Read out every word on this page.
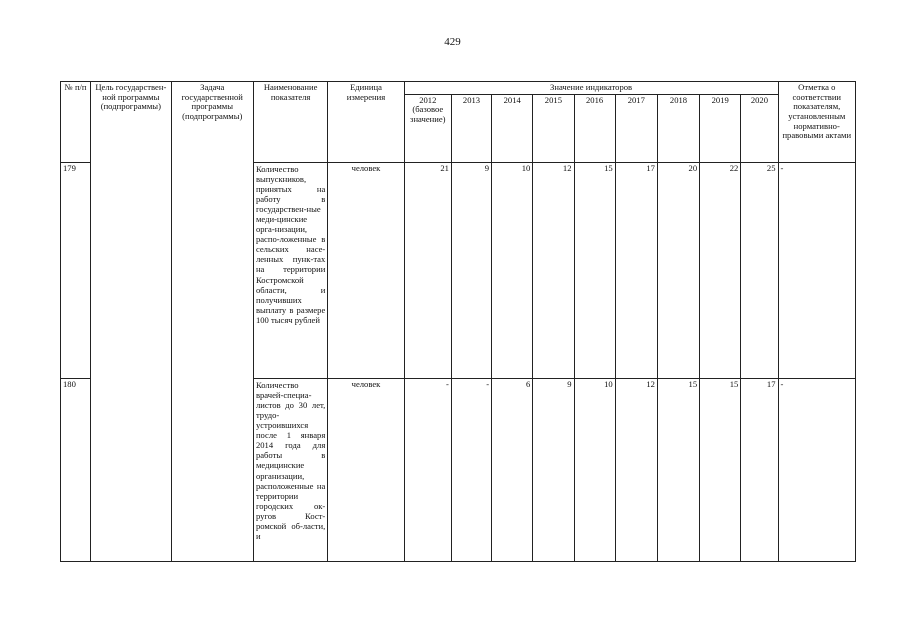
429
№ п/п	Цель государствен-ной программы (подпрограммы)	Задача государственной программы (подпрограммы)	Наименование показателя	Единица измерения	Значение индикаторов									Отметка о соответствии показателям, установленным нормативно-правовыми актами
					2012 (базовое значение)	2013	2014	2015	2016	2017	2018	2019	2020	
179			Количество выпускников, принятых на работу в государствен-ные меди-цинские орга-низации, распо-ложенные в сельских насе-ленных пунк-тах на территории Костромской области, и получивших выплату в размере 100 тысяч рублей	человек	21	9	10	12	15	17	20	22	25	-
180			Количество врачей-специа-листов до 30 лет, трудо-устроившихся после 1 января 2014 года для работы в медицинские организации, расположенные на территории городских ок-ругов Кост-ромской об-ласти, и	человек	-	-	6	9	10	12	15	15	17	-
